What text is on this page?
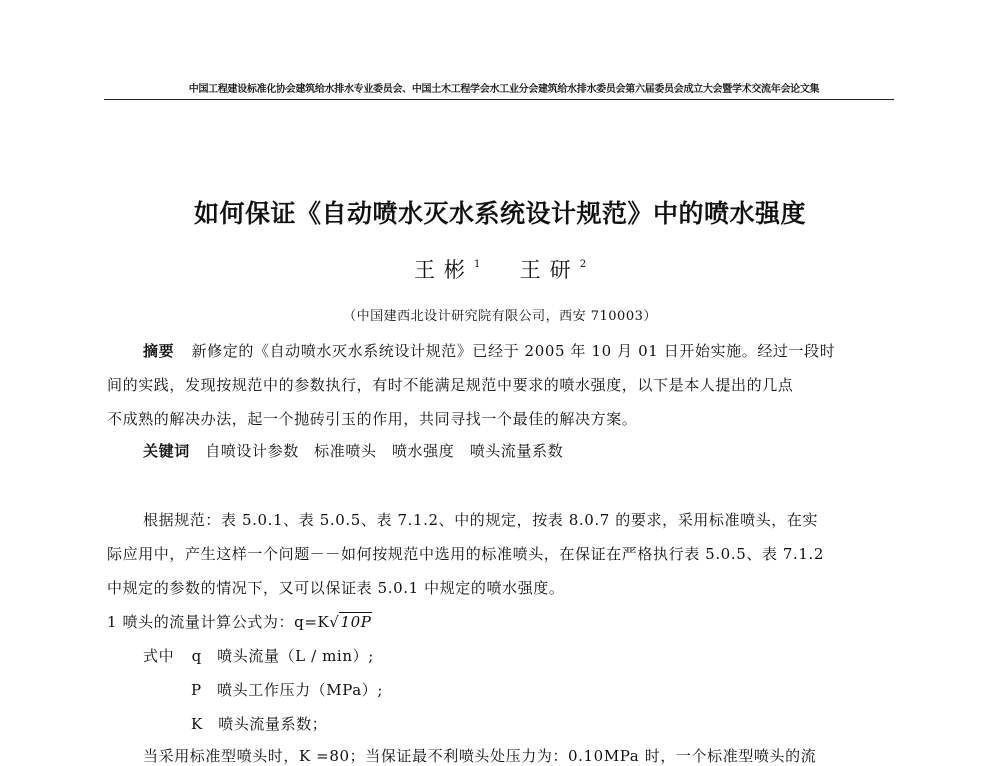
中国工程建设标准化协会建筑给水排水专业委员会、中国土木工程学会水工业分会建筑给水排水委员会第六届委员会成立大会暨学术交流年会论文集
如何保证《自动喷水灭水系统设计规范》中的喷水强度
王彬$^1$ 王研$^2$
（中国建西北设计研究院有限公司，西安 710003）
摘要 新修定的《自动喷水灭水系统设计规范》已经于 2005 年 10 月 01 日开始实施。经过一段时
间的实践，发现按规范中的参数执行，有时不能满足规范中要求的喷水强度，以下是本人提出的几点
不成熟的解决办法，起一个抛砖引玉的作用，共同寻找一个最佳的解决方案。
关键词 自喷设计参数 标准喷头 喷水强度 喷头流量系数
根据规范：表 5.0.1、表 5.0.5、表 7.1.2、中的规定，按表 8.0.7 的要求，采用标准喷头，在实
际应用中，产生这样一个问题－－如何按规范中选用的标准喷头，在保证在严格执行表 5.0.5、表 7.1.2
中规定的参数的情况下，又可以保证表 5.0.1 中规定的喷水强度。
1 喷头的流量计算公式为：q=K√10P
式中 q 喷头流量（L / min）;
P 喷头工作压力（MPa）;
K 喷头流量系数；
当采用标准型喷头时，K =80；当保证最不利喷头处压力为：0.10MPa 时，一个标准型喷头的流
